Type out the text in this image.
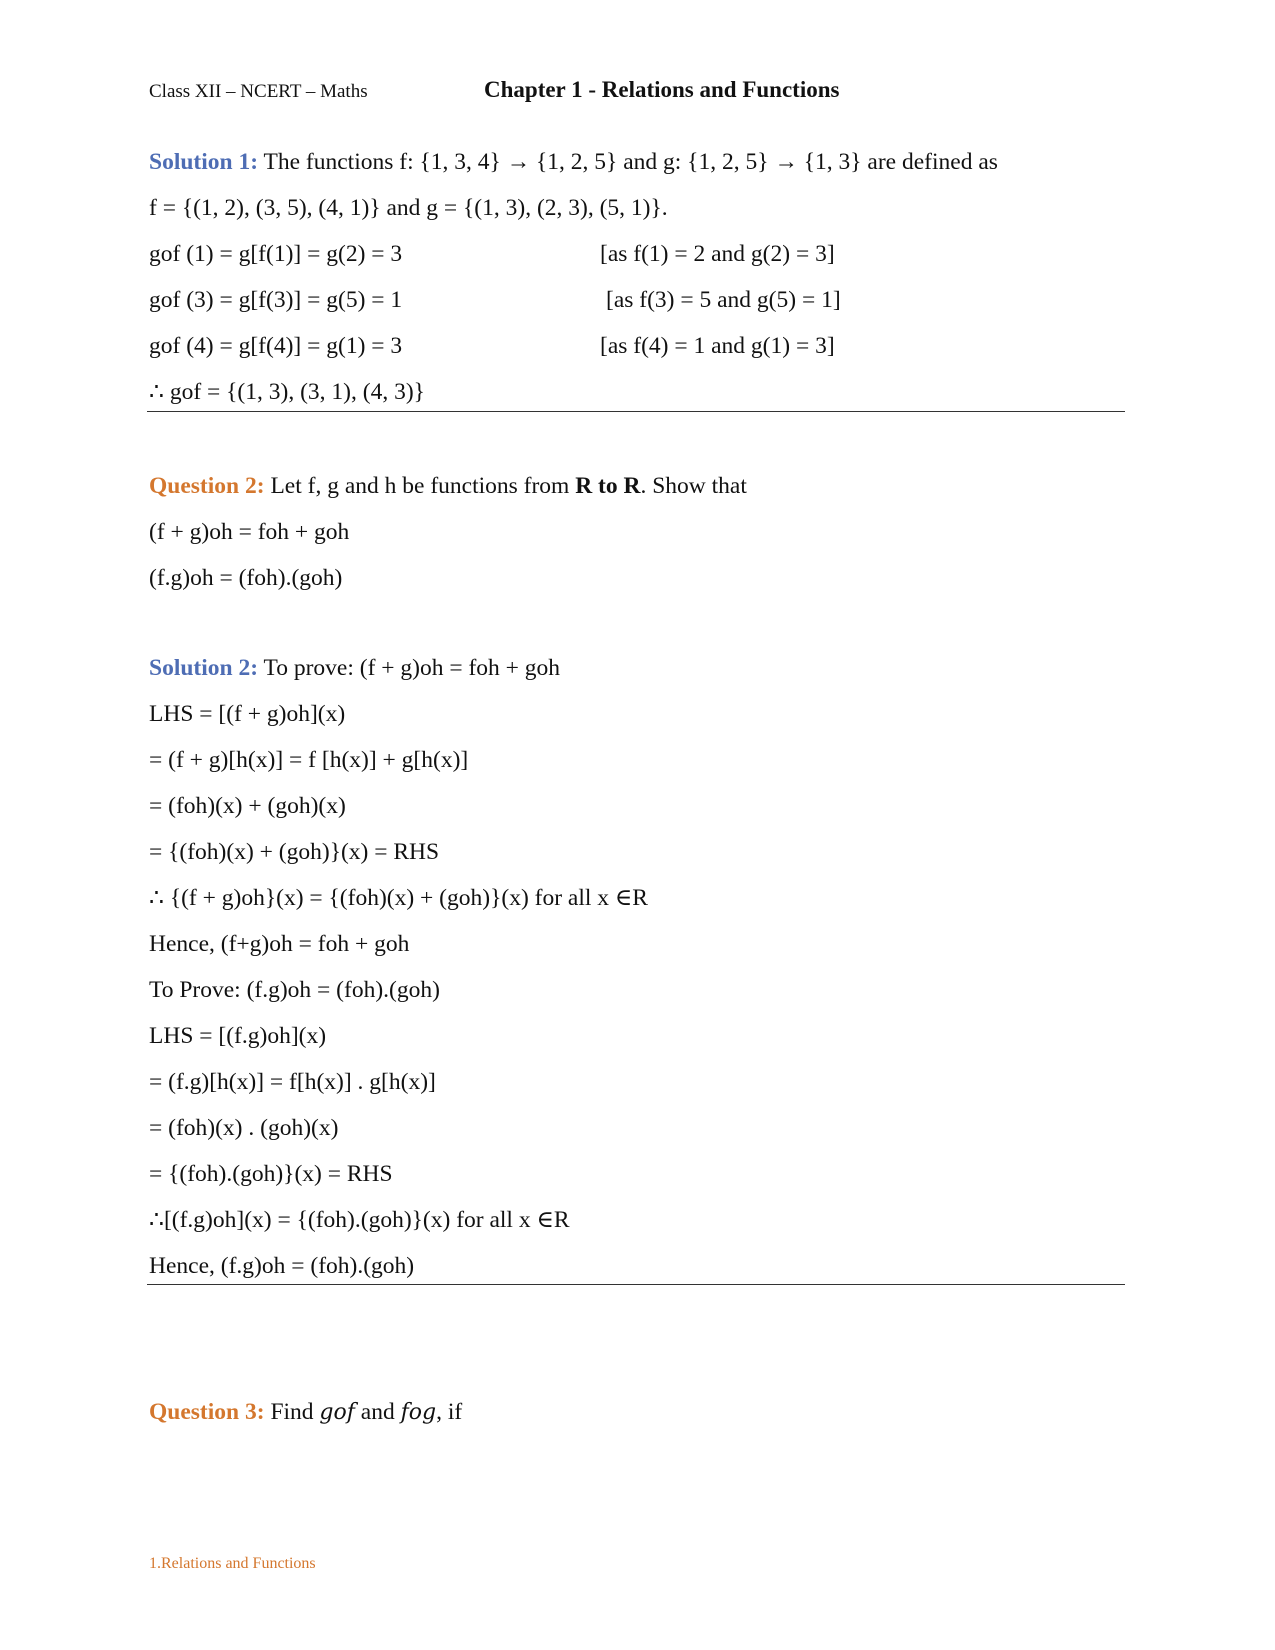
Class XII – NCERT – Maths	Chapter 1 - Relations and Functions
Solution 1: The functions f: {1, 3, 4} → {1, 2, 5} and g: {1, 2, 5} → {1, 3} are defined as
f = {(1, 2), (3, 5), (4, 1)} and g = {(1, 3), (2, 3), (5, 1)}.
gof (1) = g[f(1)] = g(2) = 3	[as f(1) = 2 and g(2) = 3]
gof (3) = g[f(3)] = g(5) = 1	[as f(3) = 5 and g(5) = 1]
gof (4) = g[f(4)] = g(1) = 3	[as f(4) = 1 and g(1) = 3]
∴ gof = {(1, 3), (3, 1), (4, 3)}
Question 2: Let f, g and h be functions from R to R. Show that
(f + g)oh = foh + goh
(f.g)oh = (foh).(goh)
Solution 2: To prove: (f + g)oh = foh + goh
LHS = [(f + g)oh](x)
= (f + g)[h(x)] = f [h(x)] + g[h(x)]
= (foh)(x) + (goh)(x)
= {(foh)(x) + (goh)}(x) = RHS
∴ {(f + g)oh}(x) = {(foh)(x) + (goh)}(x) for all x ∈R
Hence, (f+g)oh = foh + goh
To Prove: (f.g)oh = (foh).(goh)
LHS = [(f.g)oh](x)
= (f.g)[h(x)] = f[h(x)] . g[h(x)]
= (foh)(x) . (goh)(x)
= {(foh).(goh)}(x) = RHS
∴[(f.g)oh](x) = {(foh).(goh)}(x) for all x ∈R
Hence, (f.g)oh = (foh).(goh)
Question 3: Find gof and fog, if
1.Relations and Functions
